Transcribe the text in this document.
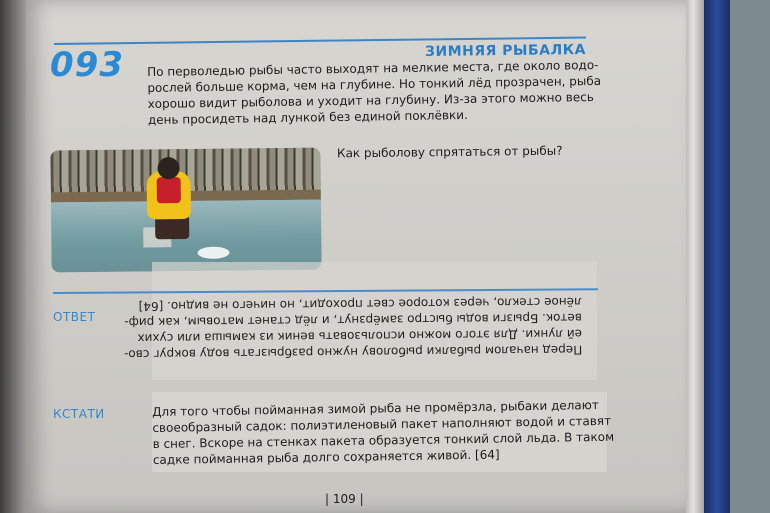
ЗИМНЯЯ РЫБАЛКА
093 По перволедью рыбы часто выходят на мелкие места, где около водо-
рослей больше корма, чем на глубине. Но тонкий лёд прозрачен, рыба
хорошо видит рыболова и уходит на глубину. Из-за этого можно весь
день просидеть над лункой без единой поклёвки.

Как рыболову спрятаться от рыбы?
ОТВЕТ

Перед началом рыбалки рыболову нужно разбрызгать воду вокруг сво-
ей лунки. Для этого можно использовать веник из камыша или сухих
веток. Брызги воды быстро замёрзнут, и лёд станет матовым, как риф-
лёное стекло, через которое свет проходит, но ничего не видно. [64]

КСТАТИ	Для того чтобы пойманная зимой рыба не промёрзла, рыбаки делают
своеобразный садок: полиэтиленовый пакет наполняют водой и ставят
в снег. Вскоре на стенках пакета образуется тонкий слой льда. В таком
садке пойманная рыба долго сохраняется живой. [64]

| 109 |
